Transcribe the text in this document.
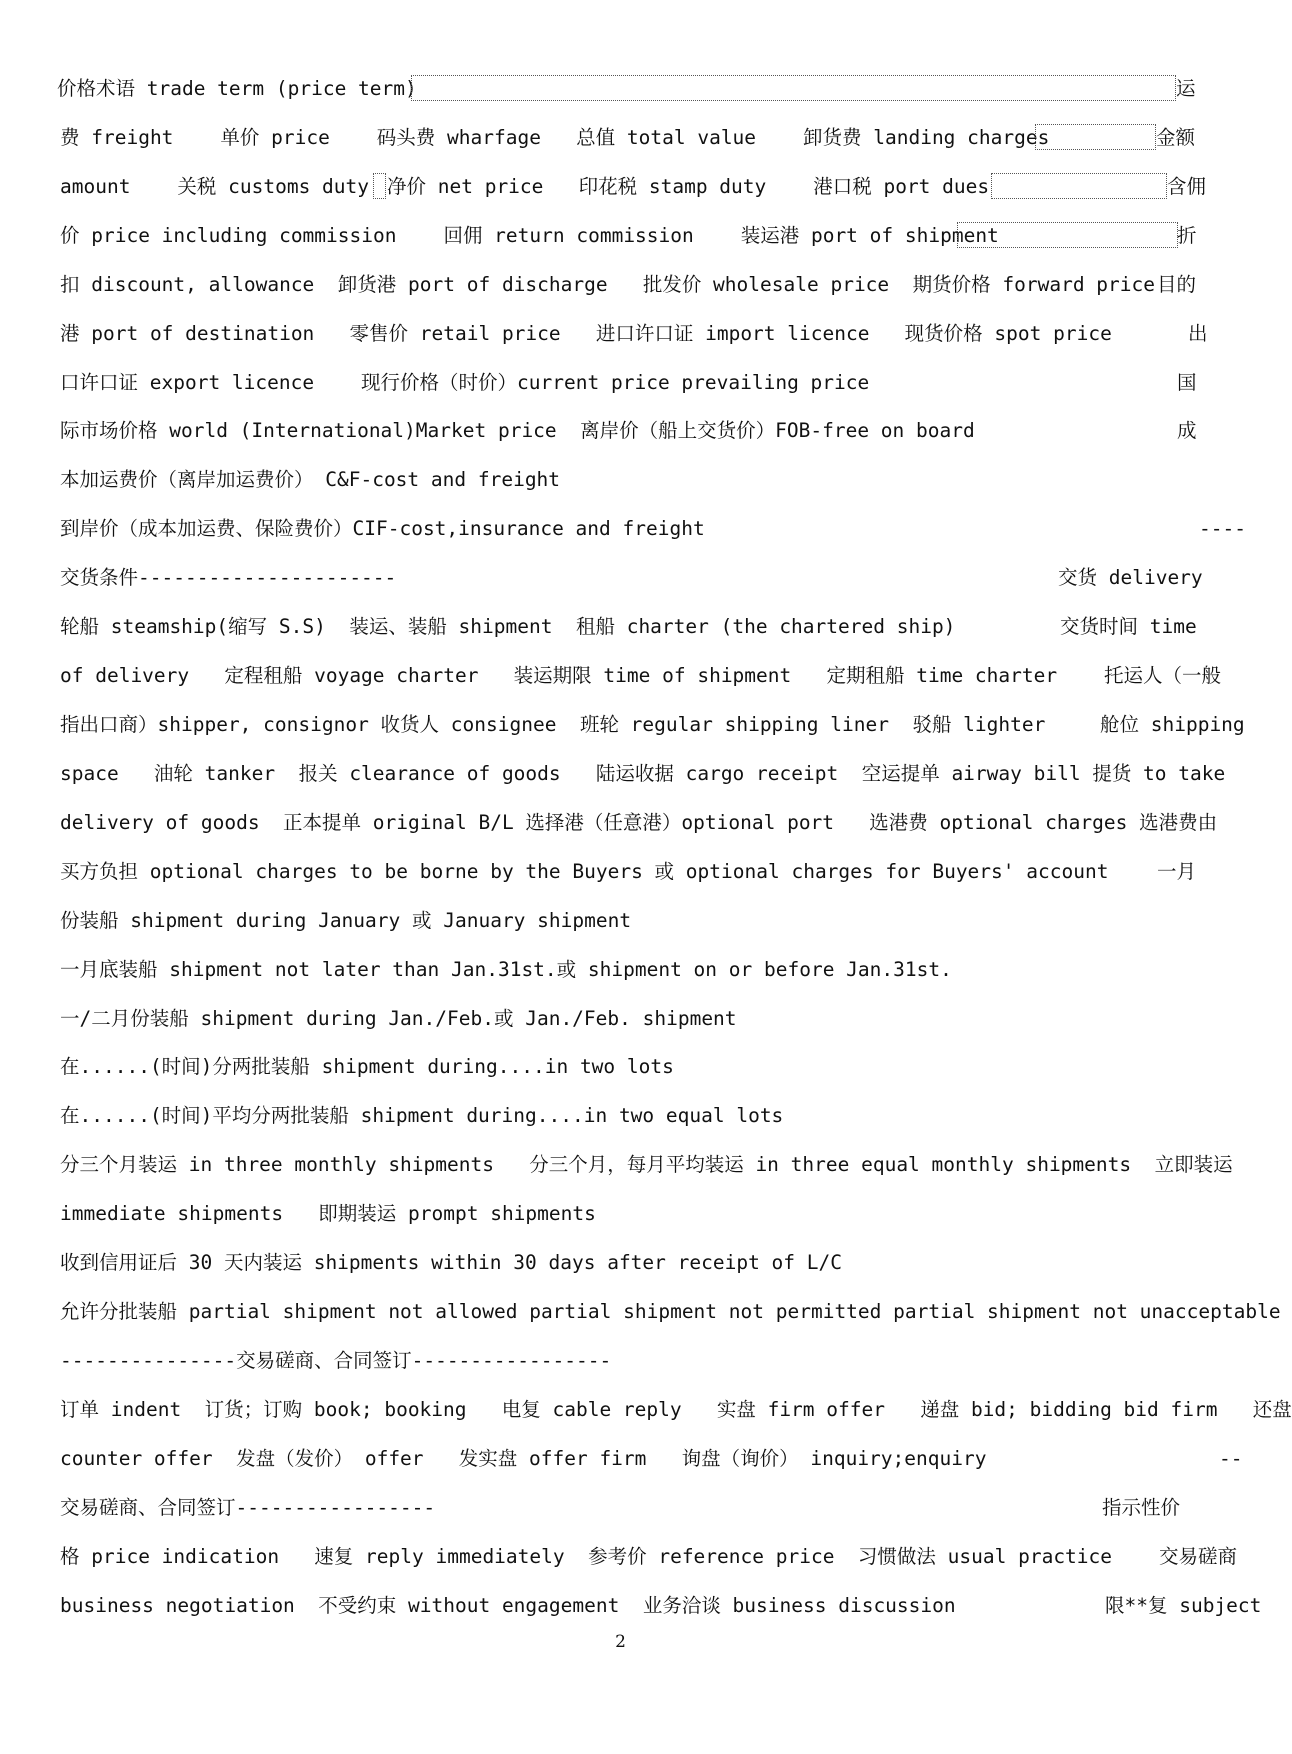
价格术语 trade term (price term)	运
费 freight    单价 price    码头费 wharfage   总值 total value    卸货费 landing charges	金额
amount    关税 customs duty 净价 net price   印花税 stamp duty    港口税 port dues	含佣
价 price including commission    回佣 return commission    装运港 port of shipment	折
扣 discount, allowance  卸货港 port of discharge   批发价 wholesale price  期货价格 forward price 目的
港 port of destination   零售价 retail price   进口许口证 import licence   现货价格 spot price	出
口许口证 export licence    现行价格（时价）current price prevailing price	国
际市场价格 world (International)Market price  离岸价（船上交货价）FOB-free on board	成
本加运费价（离岸加运费价） C&F-cost and freight
到岸价（成本加运费、保险费价）CIF-cost,insurance and freight	----
交货条件----------------------	交货 delivery
轮船 steamship(缩写 S.S)  装运、装船 shipment  租船 charter (the chartered ship)	交货时间 time
of delivery   定程租船 voyage charter   装运期限 time of shipment   定期租船 time charter    托运人（一般
指出口商）shipper, consignor 收货人 consignee  班轮 regular shipping liner  驳船 lighter	舱位 shipping
space   油轮 tanker  报关 clearance of goods   陆运收据 cargo receipt  空运提单 airway bill 提货 to take
delivery of goods  正本提单 original B/L 选择港（任意港）optional port   选港费 optional charges 选港费由
买方负担 optional charges to be borne by the Buyers 或 optional charges for Buyers' account	一月
份装船 shipment during January 或 January shipment
一月底装船 shipment not later than Jan.31st.或 shipment on or before Jan.31st.
一/二月份装船 shipment during Jan./Feb.或 Jan./Feb. shipment
在......(时间)分两批装船 shipment during....in two lots
在......(时间)平均分两批装船 shipment during....in two equal lots
分三个月装运 in three monthly shipments   分三个月，每月平均装运 in three equal monthly shipments  立即装运
immediate shipments   即期装运 prompt shipments
收到信用证后 30 天内装运 shipments within 30 days after receipt of L/C
允许分批装船 partial shipment not allowed partial shipment not permitted partial shipment not unacceptable
---------------交易磋商、合同签订-----------------
订单 indent  订货；订购 book; booking   电复 cable reply   实盘 firm offer   递盘 bid; bidding bid firm   还盘
counter offer  发盘（发价） offer   发实盘 offer firm   询盘（询价） inquiry;enquiry	--
交易磋商、合同签订-----------------	指示性价
格 price indication   速复 reply immediately  参考价 reference price  习惯做法 usual practice    交易磋商
business negotiation  不受约束 without engagement  业务洽谈 business discussion	限**复 subject
2
